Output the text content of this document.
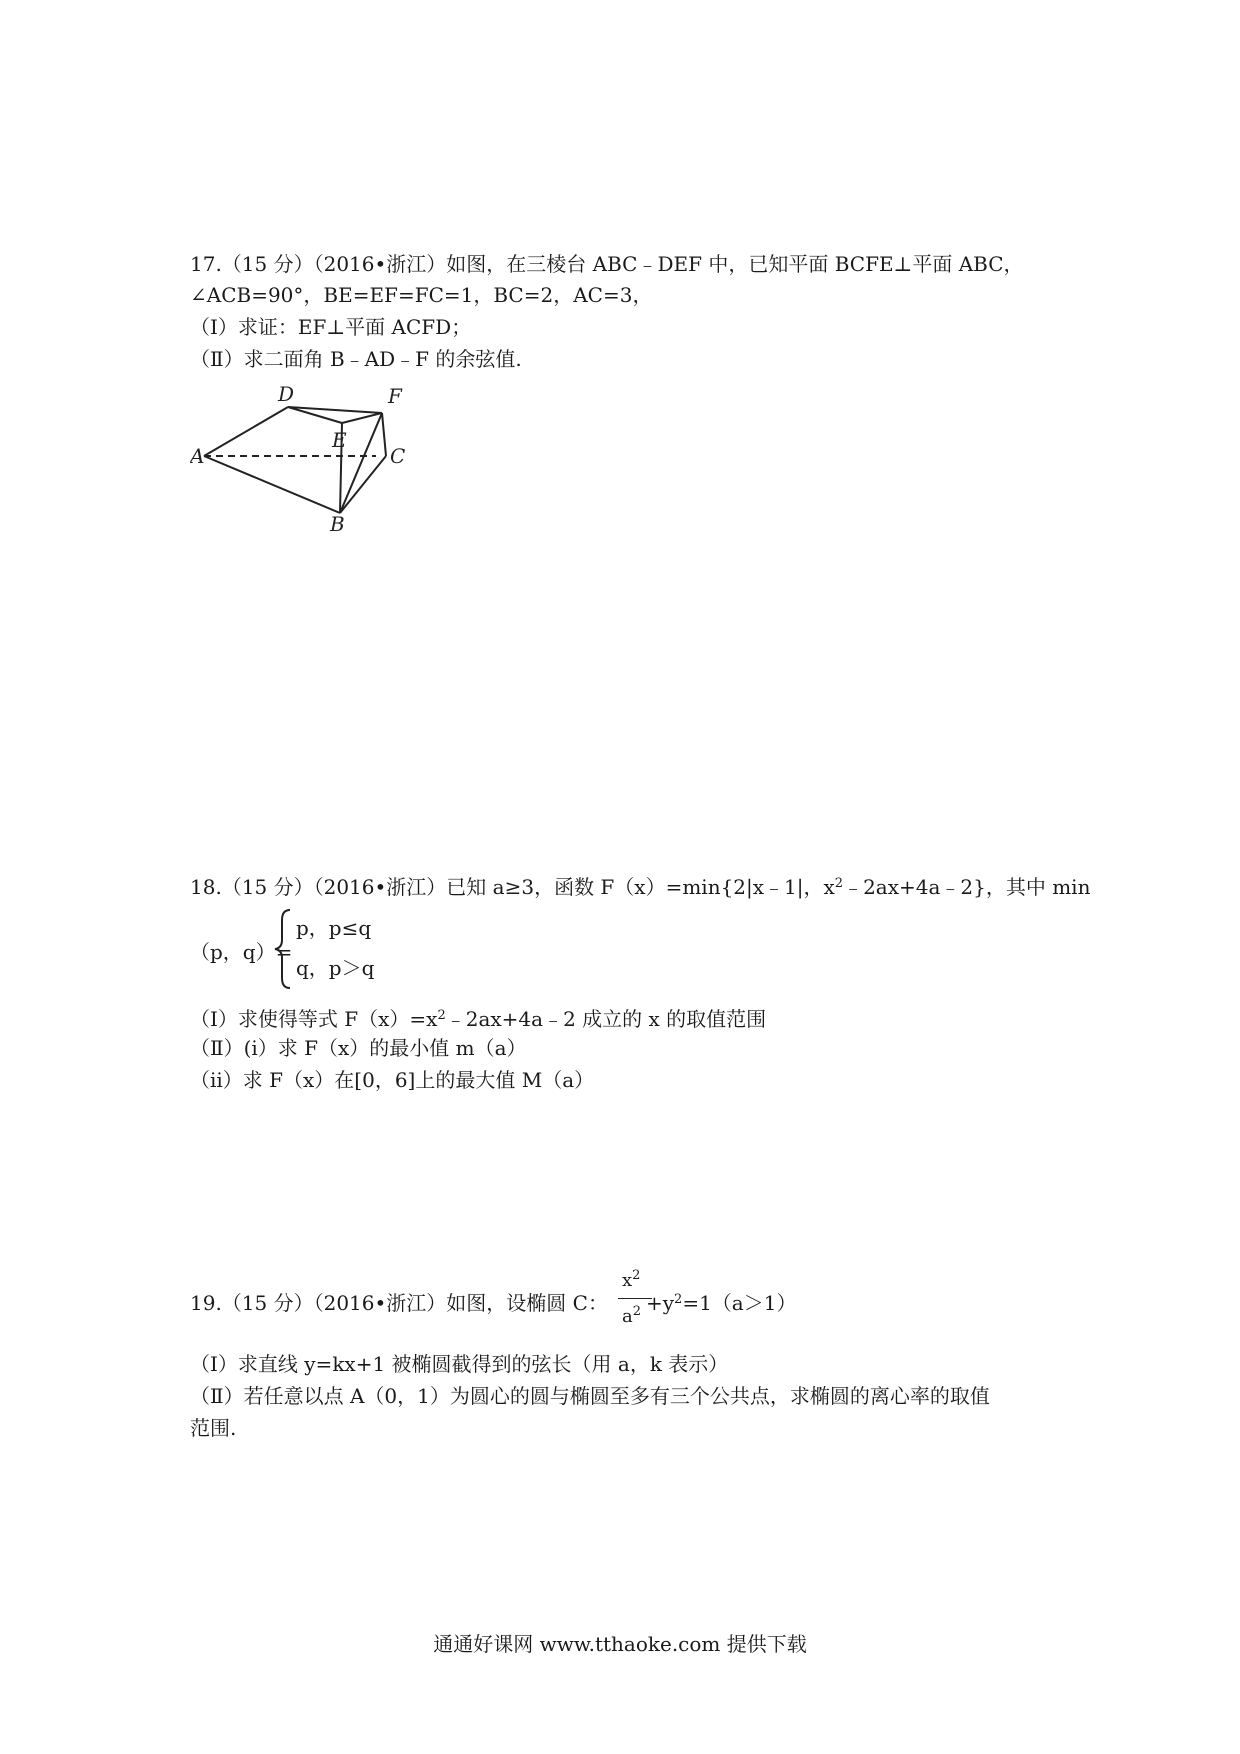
17.（15 分）（2016•浙江）如图，在三棱台 ABC﹣DEF 中，已知平面 BCFE⊥平面 ABC，
∠ACB=90°，BE=EF=FC=1，BC=2，AC=3，
（Ⅰ）求证：EF⊥平面 ACFD；
（Ⅱ）求二面角 B﹣AD﹣F 的余弦值.
D	F
E
A	C
B
18.（15 分）（2016•浙江）已知 a≥3，函数 F（x）=min{2|x﹣1|，$x^2﹣2ax+4a﹣2$}，其中 min
（p，q）=
p，p≤q
q，p＞q
（Ⅰ）求使得等式 $F(x)=x^2﹣2ax+4a﹣2$ 成立的 x 的取值范围
（Ⅱ）(i）求 F（x）的最小值 m（a）
（ii）求 F（x）在[0，6]上的最大值 M（a）
19.（15 分）（2016•浙江）如图，设椭圆 C： $+y^2=1(a>1)$
$x^2$
$a^2$
（Ⅰ）求直线 y=kx+1 被椭圆截得到的弦长（用 a，k 表示）
（Ⅱ）若任意以点 A（0，1）为圆心的圆与椭圆至多有三个公共点，求椭圆的离心率的取值
范围.
通通好课网 www.tthaoke.com 提供下载
